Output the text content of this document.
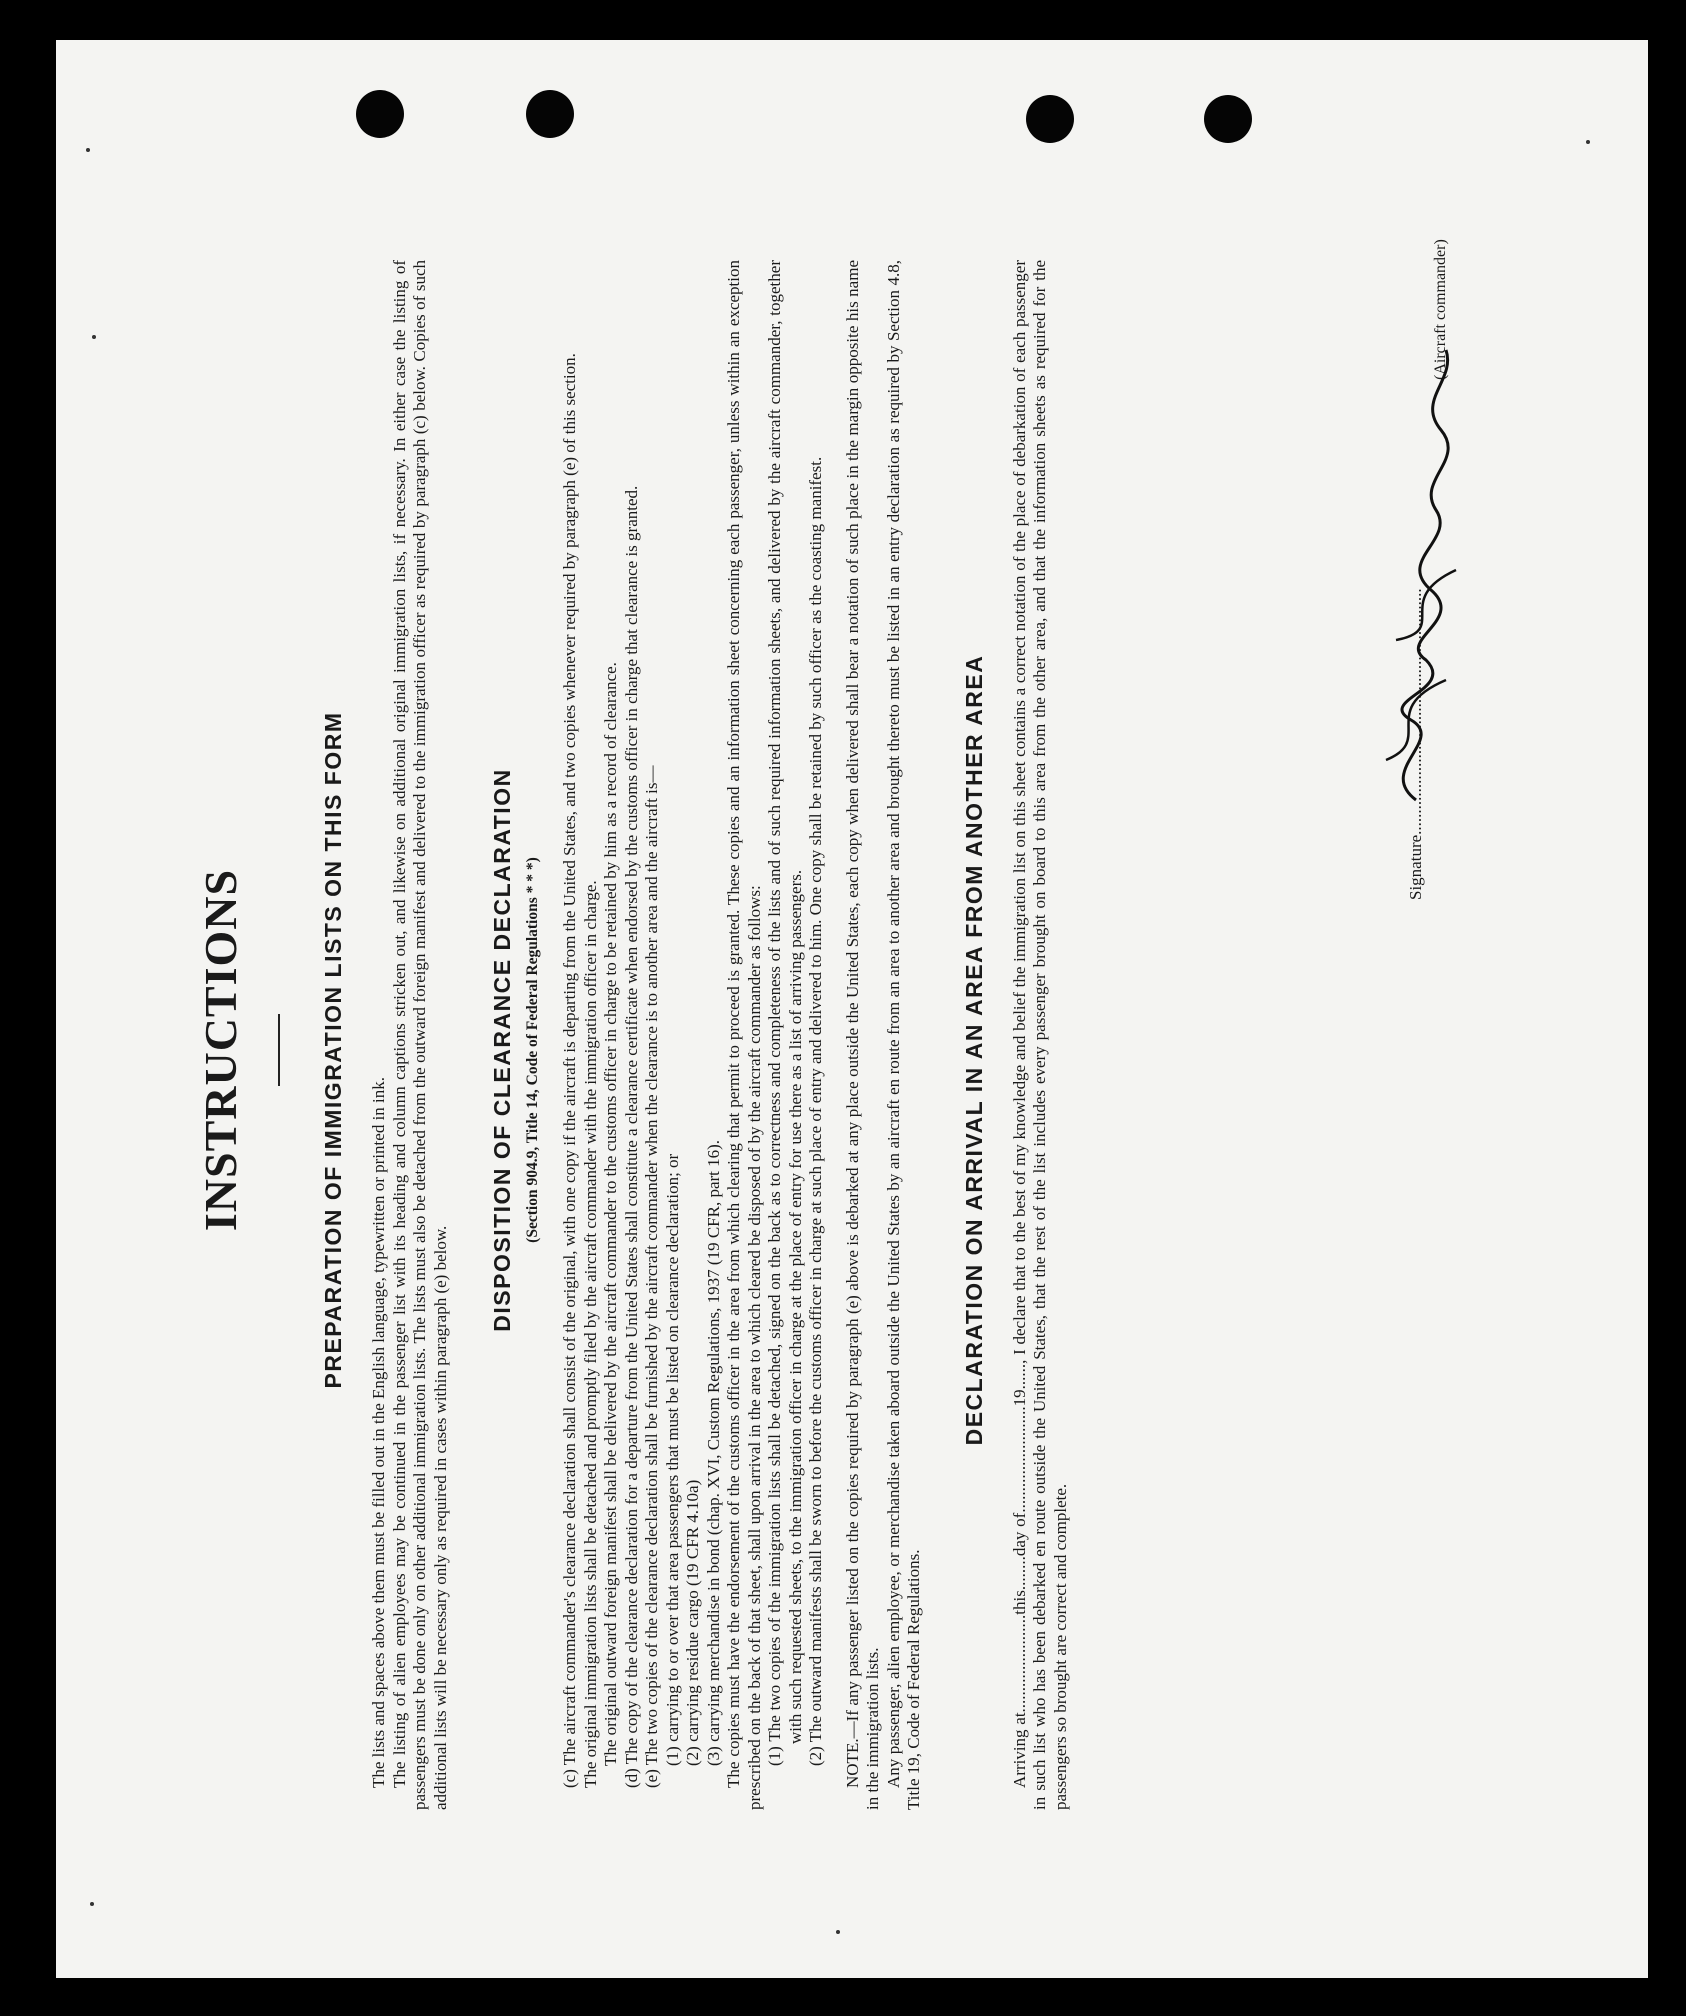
INSTRUCTIONS	PREPARATION OF IMMIGRATION LISTS ON THIS FORM

The lists and spaces above them must be filled out in the English language, typewritten or printed in ink. The listing of alien employees may be continued in the passenger list with its heading and column captions stricken out, and likewise on additional original immigration lists, if necessary. In either case the listing of passengers must be done only on other additional immigration lists. The lists must also be detached from the outward foreign manifest and delivered to the immigration officer as required by paragraph (c) below. Copies of such additional lists will be necessary only as required in cases within paragraph (e) below.

DISPOSITION OF CLEARANCE DECLARATION (Section 904.9, Title 14, Code of Federal Regulations * * *) (c) The aircraft commander's clearance declaration shall consist of the original, with one copy if the aircraft is departing from the United States, and two copies whenever required by paragraph (e) of this section. The original immigration lists shall be detached and promptly filed by the aircraft commander with the immigration officer in charge. The original outward foreign manifest shall be delivered by the aircraft commander to the customs officer in charge to be retained by him as a record of clearance. (d) The copy of the clearance declaration for a departure from the United States shall constitute a clearance certificate when endorsed by the customs officer in charge that clearance is granted. (e) The two copies of the clearance declaration shall be furnished by the aircraft commander when the clearance is to another area and the aircraft is— (1) carrying to or over that area passengers that must be listed on clearance declaration; or (2) carrying residue cargo (19 CFR 4.10a) (3) carrying merchandise in bond (chap. XVI, Custom Regulations, 1937 (19 CFR, part 16). The copies must have the endorsement of the customs officer in the area from which clearing that permit to proceed is granted. These copies and an information sheet concerning each passenger, unless within an exception prescribed on the back of that sheet, shall upon arrival in the area to which cleared be disposed of by the aircraft commander as follows: (1) The two copies of the immigration lists shall be detached, signed on the back as to correctness and completeness of the lists and of such required information sheets, and delivered by the aircraft commander, together with such requested sheets, to the immigration officer in charge at the place of entry for use there as a list of arriving passengers. (2) The outward manifests shall be sworn to before the customs officer in charge at such place of entry and delivered to him. One copy shall be retained by such officer as the coasting manifest. NOTE.—If any passenger listed on the copies required by paragraph (e) above is debarked at any place outside the United States, each copy when delivered shall bear a notation of such place in the margin opposite his name in the immigration lists. Any passenger, alien employee, or merchandise taken aboard outside the United States by an aircraft en route from an area to another area and brought thereto must be listed in an entry declaration as required by Section 4.8, Title 19, Code of Federal Regulations.

DECLARATION ON ARRIVAL IN AN AREA FROM ANOTHER AREA Arriving at.......................this........day of.........................19......, I declare that to the best of my knowledge and belief the immigration list on this sheet contains a correct notation of the place of debarkation of each passenger in such list who has been debarked en route outside the United States, that the rest of the list includes every passenger brought on board to this area from the other area, and that the information sheets as required for the passengers so brought are correct and complete.

Signature..........................................................
(Aircraft commander)
